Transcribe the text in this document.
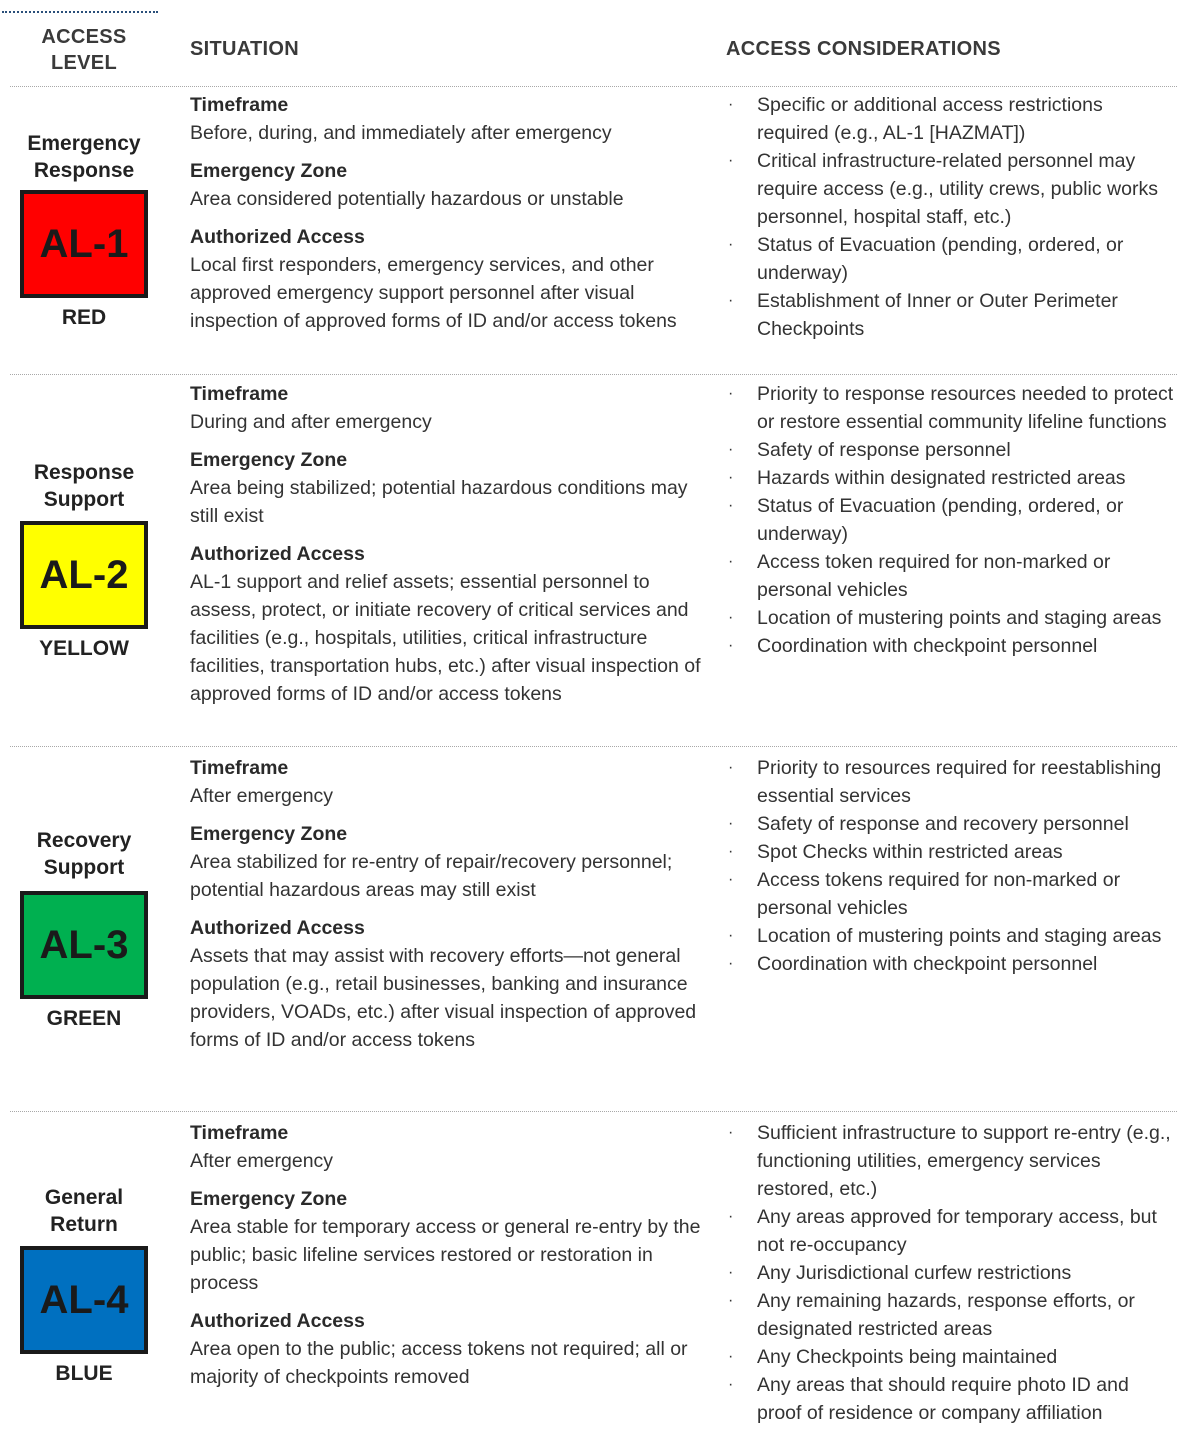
ACCESS
LEVEL
SITUATION	ACCESS CONSIDERATIONS
Emergency
Response
AL-1
RED
Timeframe
Before, during, and immediately after emergency
Emergency Zone
Area considered potentially hazardous or unstable
Authorized Access
Local first responders, emergency services, and other approved emergency support personnel after visual inspection of approved forms of ID and/or access tokens
· Specific or additional access restrictions required (e.g., AL-1 [HAZMAT])
· Critical infrastructure-related personnel may require access (e.g., utility crews, public works personnel, hospital staff, etc.)
· Status of Evacuation (pending, ordered, or underway)
· Establishment of Inner or Outer Perimeter Checkpoints
Response
Support
AL-2
YELLOW
Timeframe
During and after emergency
Emergency Zone
Area being stabilized; potential hazardous conditions may still exist
Authorized Access
AL-1 support and relief assets; essential personnel to assess, protect, or initiate recovery of critical services and facilities (e.g., hospitals, utilities, critical infrastructure facilities, transportation hubs, etc.) after visual inspection of approved forms of ID and/or access tokens
· Priority to response resources needed to protect or restore essential community lifeline functions
· Safety of response personnel
· Hazards within designated restricted areas
· Status of Evacuation (pending, ordered, or underway)
· Access token required for non-marked or personal vehicles
· Location of mustering points and staging areas
· Coordination with checkpoint personnel
Recovery
Support
AL-3
GREEN
Timeframe
After emergency
Emergency Zone
Area stabilized for re-entry of repair/recovery personnel; potential hazardous areas may still exist
Authorized Access
Assets that may assist with recovery efforts—not general population (e.g., retail businesses, banking and insurance providers, VOADs, etc.) after visual inspection of approved forms of ID and/or access tokens
· Priority to resources required for reestablishing essential services
· Safety of response and recovery personnel
· Spot Checks within restricted areas
· Access tokens required for non-marked or personal vehicles
· Location of mustering points and staging areas
· Coordination with checkpoint personnel
General
Return
AL-4
BLUE
Timeframe
After emergency
Emergency Zone
Area stable for temporary access or general re-entry by the public; basic lifeline services restored or restoration in process
Authorized Access
Area open to the public; access tokens not required; all or majority of checkpoints removed
· Sufficient infrastructure to support re-entry (e.g., functioning utilities, emergency services restored, etc.)
· Any areas approved for temporary access, but not re-occupancy
· Any Jurisdictional curfew restrictions
· Any remaining hazards, response efforts, or designated restricted areas
· Any Checkpoints being maintained
· Any areas that should require photo ID and proof of residence or company affiliation
